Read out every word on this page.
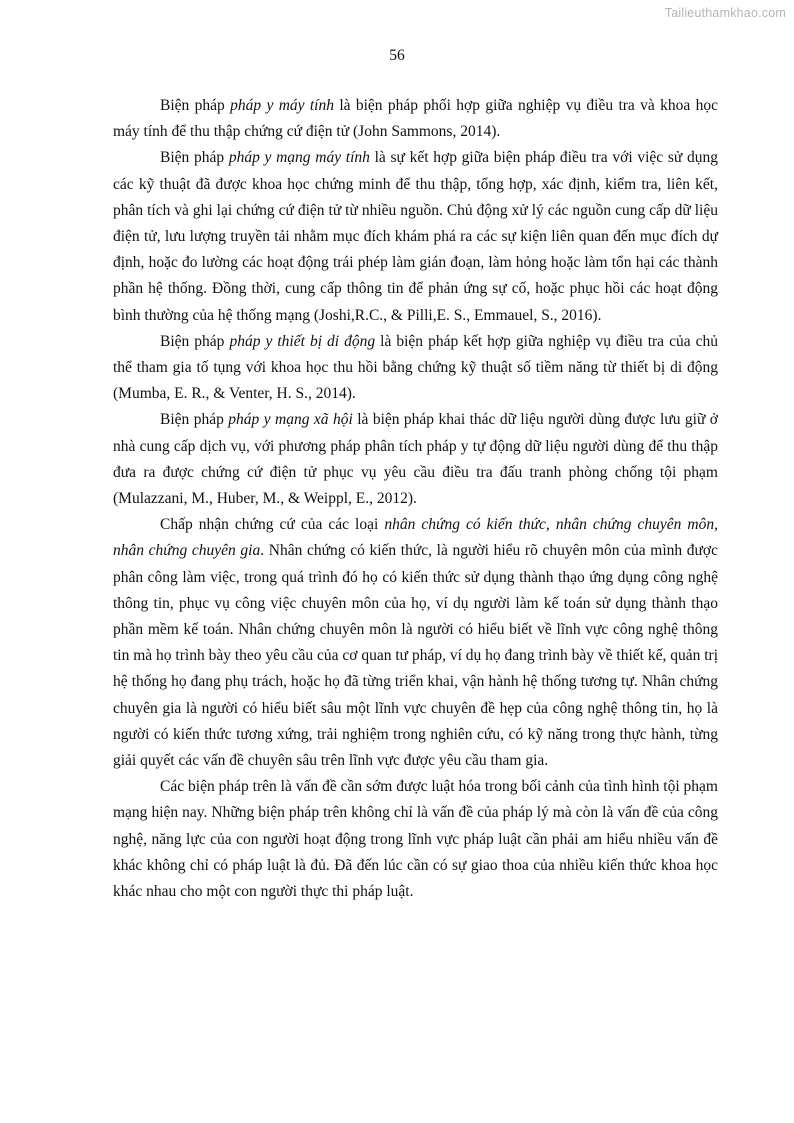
Tailieuthamkhao.com
56

Biện pháp pháp y máy tính là biện pháp phối hợp giữa nghiệp vụ điều tra và khoa học máy tính để thu thập chứng cứ điện tử (John Sammons, 2014).

Biện pháp pháp y mạng máy tính là sự kết hợp giữa biện pháp điều tra với việc sử dụng các kỹ thuật đã được khoa học chứng minh để thu thập, tổng hợp, xác định, kiểm tra, liên kết, phân tích và ghi lại chứng cứ điện tử từ nhiều nguồn. Chủ động xử lý các nguồn cung cấp dữ liệu điện tử, lưu lượng truyền tải nhằm mục đích khám phá ra các sự kiện liên quan đến mục đích dự định, hoặc đo lường các hoạt động trái phép làm gián đoạn, làm hỏng hoặc làm tổn hại các thành phần hệ thống. Đồng thời, cung cấp thông tin để phản ứng sự cố, hoặc phục hồi các hoạt động bình thường của hệ thống mạng (Joshi,R.C., & Pilli,E. S., Emmauel, S., 2016).

Biện pháp pháp y thiết bị di động là biện pháp kết hợp giữa nghiệp vụ điều tra của chủ thể tham gia tố tụng với khoa học thu hồi bằng chứng kỹ thuật số tiềm năng từ thiết bị di động (Mumba, E. R., & Venter, H. S., 2014).

Biện pháp pháp y mạng xã hội là biện pháp khai thác dữ liệu người dùng được lưu giữ ở nhà cung cấp dịch vụ, với phương pháp phân tích pháp y tự động dữ liệu người dùng để thu thập đưa ra được chứng cứ điện tử phục vụ yêu cầu điều tra đấu tranh phòng chống tội phạm (Mulazzani, M., Huber, M., & Weippl, E., 2012).

Chấp nhận chứng cứ của các loại nhân chứng có kiến thức, nhân chứng chuyên môn, nhân chứng chuyên gia. Nhân chứng có kiến thức, là người hiểu rõ chuyên môn của mình được phân công làm việc, trong quá trình đó họ có kiến thức sử dụng thành thạo ứng dụng công nghệ thông tin, phục vụ công việc chuyên môn của họ, ví dụ người làm kế toán sử dụng thành thạo phần mềm kế toán. Nhân chứng chuyên môn là người có hiểu biết về lĩnh vực công nghệ thông tin mà họ trình bày theo yêu cầu của cơ quan tư pháp, ví dụ họ đang trình bày về thiết kế, quản trị hệ thống họ đang phụ trách, hoặc họ đã từng triển khai, vận hành hệ thống tương tự. Nhân chứng chuyên gia là người có hiểu biết sâu một lĩnh vực chuyên đề hẹp của công nghệ thông tin, họ là người có kiến thức tương xứng, trải nghiệm trong nghiên cứu, có kỹ năng trong thực hành, từng giải quyết các vấn đề chuyên sâu trên lĩnh vực được yêu cầu tham gia.

Các biện pháp trên là vấn đề cần sớm được luật hóa trong bối cảnh của tình hình tội phạm mạng hiện nay. Những biện pháp trên không chỉ là vấn đề của pháp lý mà còn là vấn đề của công nghệ, năng lực của con người hoạt động trong lĩnh vực pháp luật cần phải am hiểu nhiều vấn đề khác không chỉ có pháp luật là đủ. Đã đến lúc cần có sự giao thoa của nhiều kiến thức khoa học khác nhau cho một con người thực thi pháp luật.
